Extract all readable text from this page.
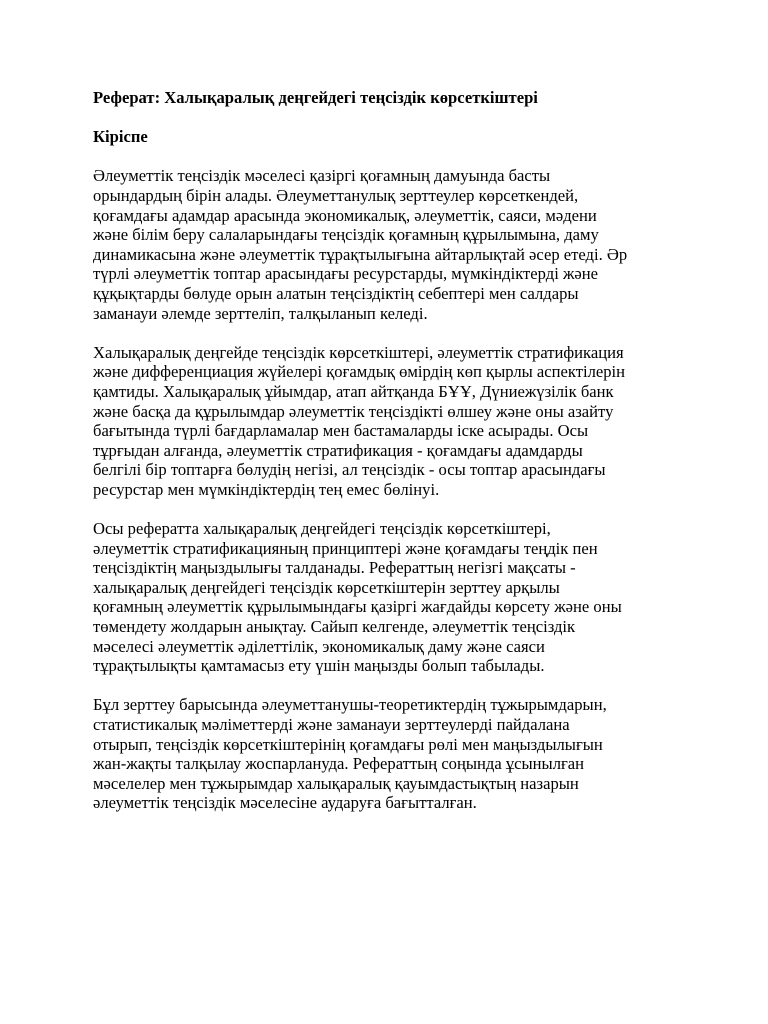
Реферат: Халықаралық деңгейдегі теңсіздік көрсеткіштері
Кіріспе
Әлеуметтік теңсіздік мәселесі қазіргі қоғамның дамуында басты
орындардың бірін алады. Әлеуметтанулық зерттеулер көрсеткендей,
қоғамдағы адамдар арасында экономикалық, әлеуметтік, саяси, мәдени
және білім беру салаларындағы теңсіздік қоғамның құрылымына, даму
динамикасына және әлеуметтік тұрақтылығына айтарлықтай әсер етеді. Әр
түрлі әлеуметтік топтар арасындағы ресурстарды, мүмкіндіктерді және
құқықтарды бөлуде орын алатын теңсіздіктің себептері мен салдары
заманауи әлемде зерттеліп, талқыланып келеді.
Халықаралық деңгейде теңсіздік көрсеткіштері, әлеуметтік стратификация
және дифференциация жүйелері қоғамдық өмірдің көп қырлы аспектілерін
қамтиды. Халықаралық ұйымдар, атап айтқанда БҰҰ, Дүниежүзілік банк
және басқа да құрылымдар әлеуметтік теңсіздікті өлшеу және оны азайту
бағытында түрлі бағдарламалар мен бастамаларды іске асырады. Осы
тұрғыдан алғанда, әлеуметтік стратификация - қоғамдағы адамдарды
белгілі бір топтарға бөлудің негізі, ал теңсіздік - осы топтар арасындағы
ресурстар мен мүмкіндіктердің тең емес бөлінуі.
Осы рефератта халықаралық деңгейдегі теңсіздік көрсеткіштері,
әлеуметтік стратификацияның принциптері және қоғамдағы теңдік пен
теңсіздіктің маңыздылығы талданады. Рефераттың негізгі мақсаты -
халықаралық деңгейдегі теңсіздік көрсеткіштерін зерттеу арқылы
қоғамның әлеуметтік құрылымындағы қазіргі жағдайды көрсету және оны
төмендету жолдарын анықтау. Сайып келгенде, әлеуметтік теңсіздік
мәселесі әлеуметтік әділеттілік, экономикалық даму және саяси
тұрақтылықты қамтамасыз ету үшін маңызды болып табылады.
Бұл зерттеу барысында әлеуметтанушы-теоретиктердің тұжырымдарын,
статистикалық мәліметтерді және заманауи зерттеулерді пайдалана
отырып, теңсіздік көрсеткіштерінің қоғамдағы рөлі мен маңыздылығын
жан-жақты талқылау жоспарлануда. Рефераттың соңында ұсынылған
мәселелер мен тұжырымдар халықаралық қауымдастықтың назарын
әлеуметтік теңсіздік мәселесіне аударуға бағытталған.
